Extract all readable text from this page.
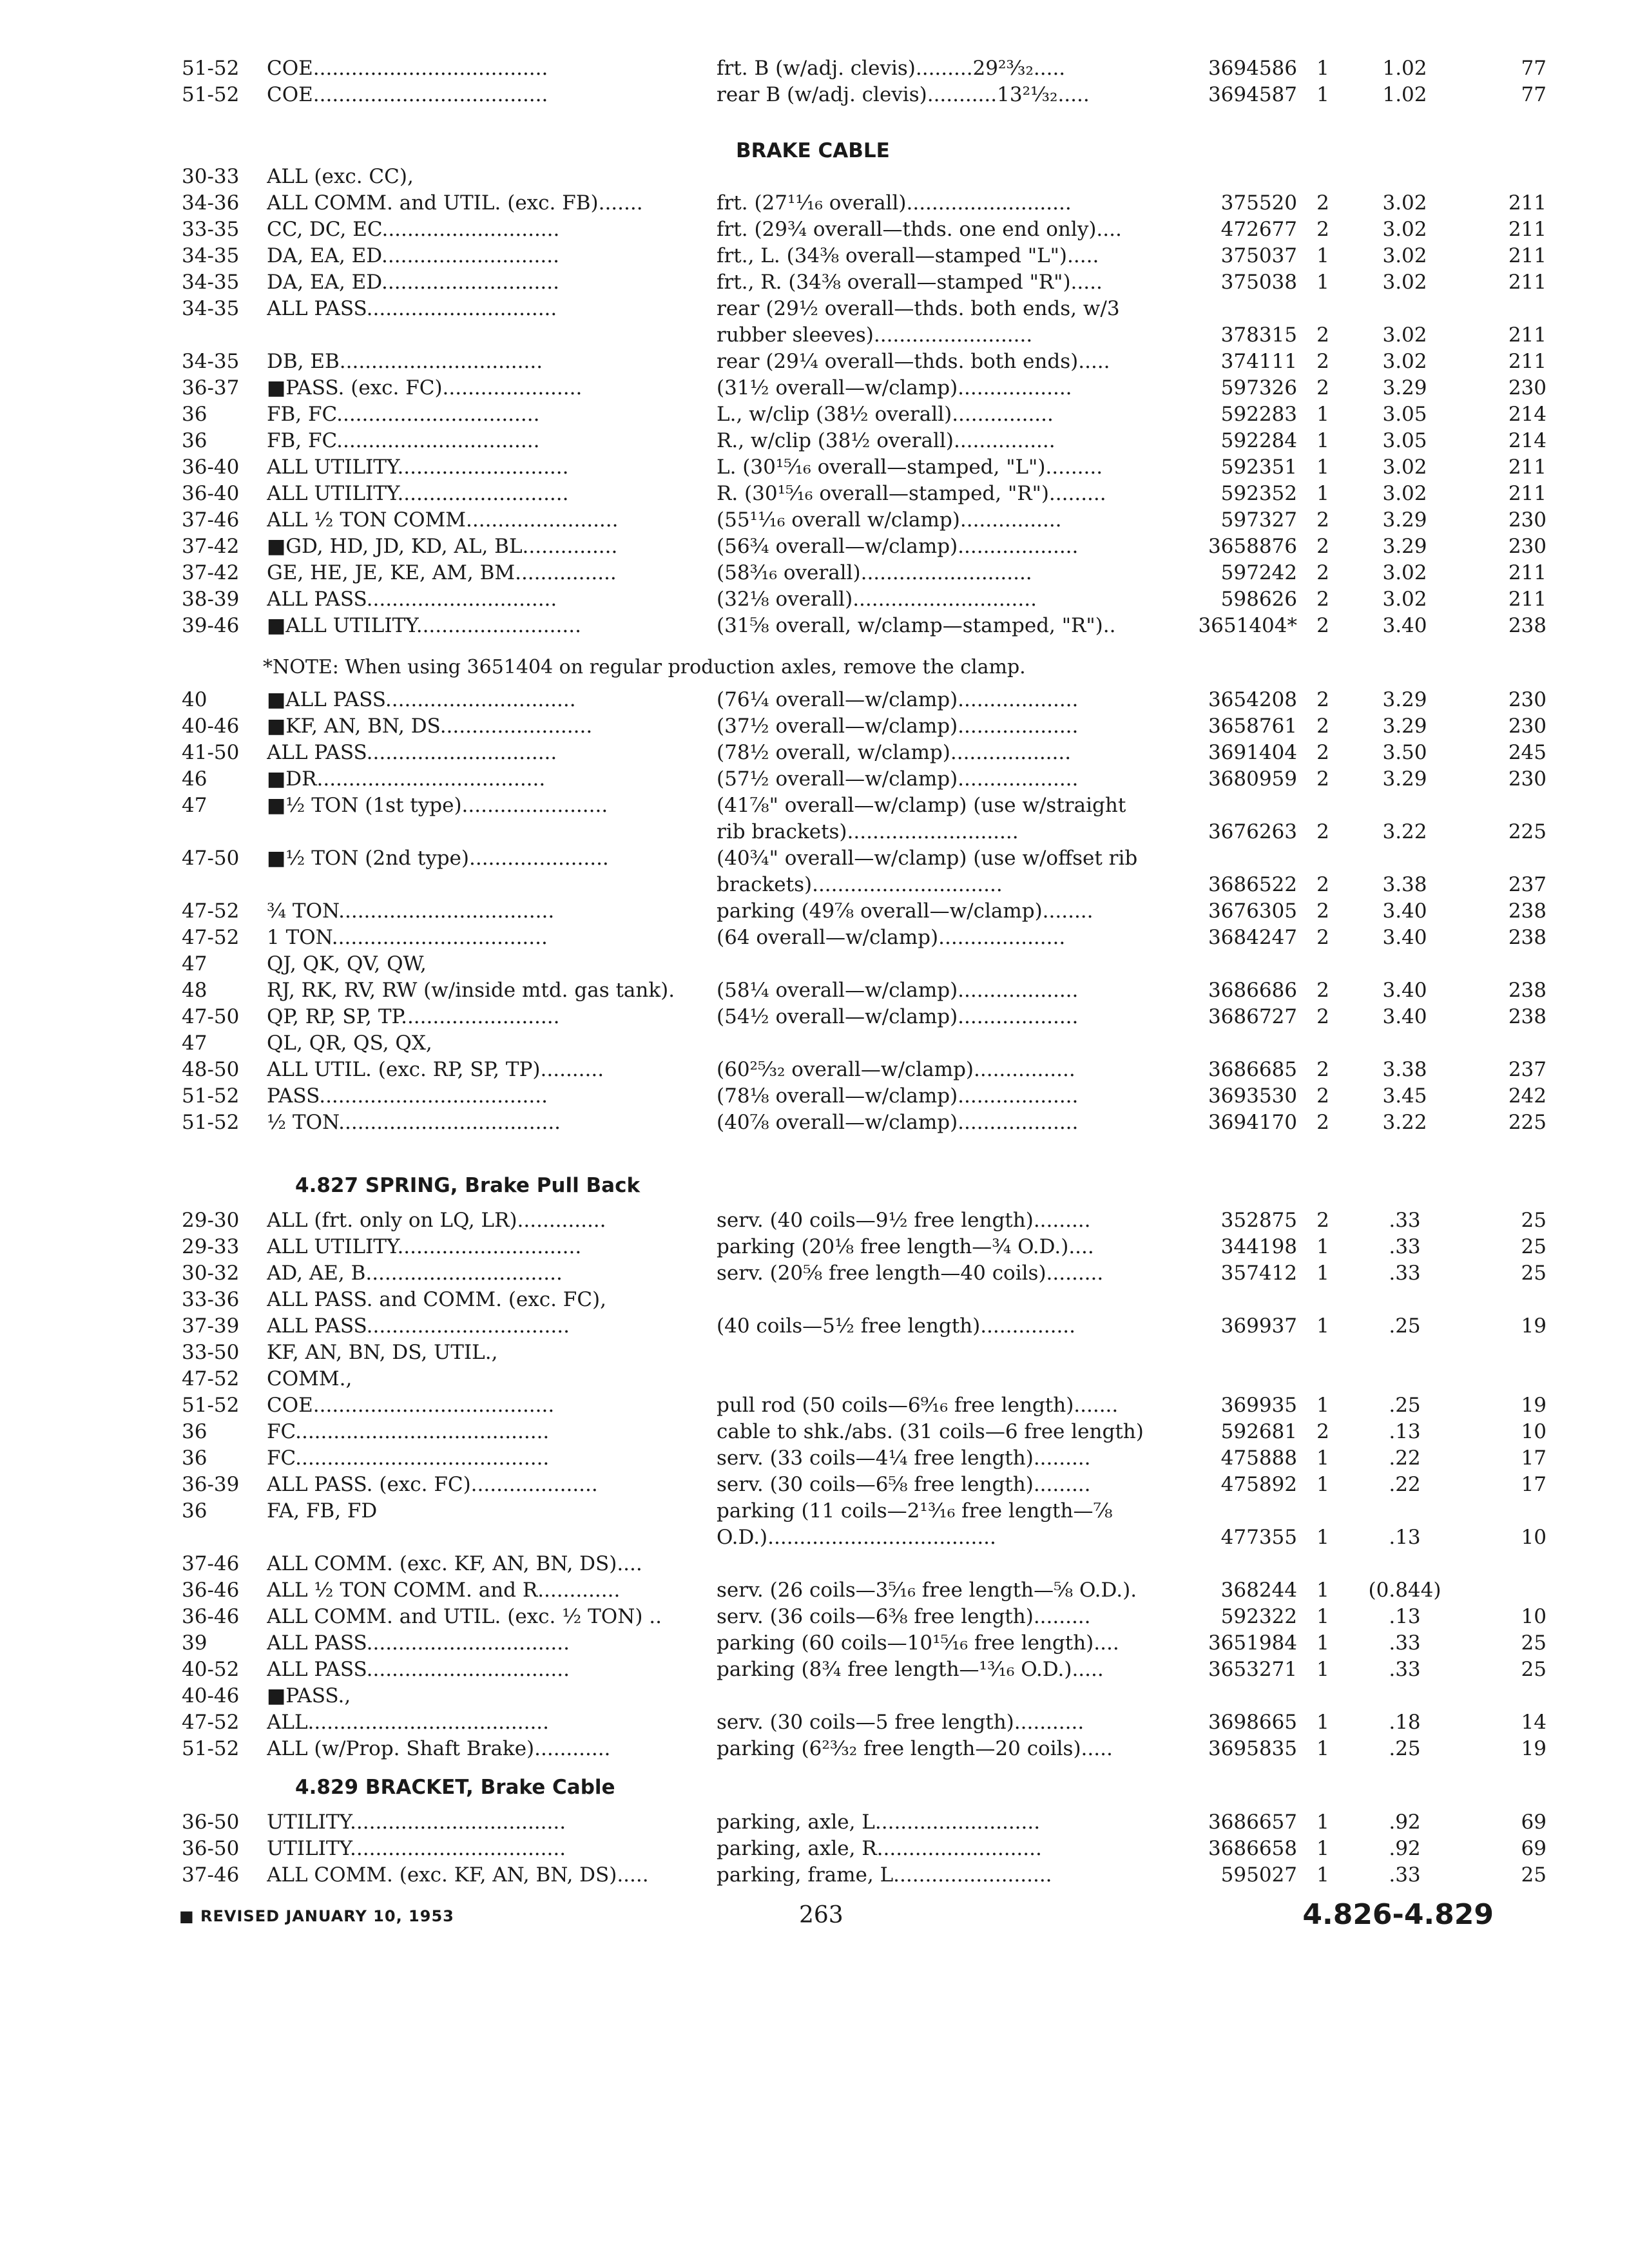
51-52	COE.....................................	frt. B (w/adj. clevis).........29²³⁄₃₂.....	3694586 1	1.02	77
51-52	COE.....................................	rear B (w/adj. clevis)...........13²¹⁄₃₂.....	3694587 1	1.02	77
BRAKE CABLE
30-33	ALL (exc. CC),
34-36	ALL COMM. and UTIL. (exc. FB).......	frt. (27¹¹⁄₁₆ overall)..........................	375520 2	3.02	211
33-35	CC, DC, EC............................	frt. (29¾ overall—thds. one end only)....	472677 2	3.02	211
34-35	DA, EA, ED............................	frt., L. (34⅜ overall—stamped "L").....	375037 1	3.02	211
34-35	DA, EA, ED............................	frt., R. (34⅜ overall—stamped "R").....	375038 1	3.02	211
34-35	ALL PASS..............................	rear (29½ overall—thds. both ends, w/3
rubber sleeves).........................	378315 2	3.02	211
34-35	DB, EB................................	rear (29¼ overall—thds. both ends).....	374111 2	3.02	211
36-37	■PASS. (exc. FC)......................	(31½ overall—w/clamp)..................	597326 2	3.29	230
36	FB, FC................................	L., w/clip (38½ overall)................	592283 1	3.05	214
36	FB, FC................................	R., w/clip (38½ overall)................	592284 1	3.05	214
36-40	ALL UTILITY...........................	L. (30¹⁵⁄₁₆ overall—stamped, "L").........	592351 1	3.02	211
36-40	ALL UTILITY...........................	R. (30¹⁵⁄₁₆ overall—stamped, "R").........	592352 1	3.02	211
37-46	ALL ½ TON COMM........................	(55¹¹⁄₁₆ overall w/clamp)................	597327 2	3.29	230
37-42	■GD, HD, JD, KD, AL, BL...............	(56¾ overall—w/clamp)...................	3658876 2	3.29	230
37-42	GE, HE, JE, KE, AM, BM................	(58³⁄₁₆ overall)...........................	597242 2	3.02	211
38-39	ALL PASS..............................	(32⅛ overall).............................	598626 2	3.02	211
39-46	■ALL UTILITY..........................	(31⅝ overall, w/clamp—stamped, "R")..	3651404* 2	3.40	238
*NOTE: When using 3651404 on regular production axles, remove the clamp.
40	■ALL PASS..............................	(76¼ overall—w/clamp)...................	3654208 2	3.29	230
40-46	■KF, AN, BN, DS........................	(37½ overall—w/clamp)...................	3658761 2	3.29	230
41-50	ALL PASS..............................	(78½ overall, w/clamp)...................	3691404 2	3.50	245
46	■DR....................................	(57½ overall—w/clamp)...................	3680959 2	3.29	230
47	■½ TON (1st type).......................	(41⅞" overall—w/clamp) (use w/straight
rib brackets)...........................	3676263 2	3.22	225
47-50	■½ TON (2nd type)......................	(40¾" overall—w/clamp) (use w/offset rib
brackets)..............................	3686522 2	3.38	237
47-52	¾ TON..................................	parking (49⅞ overall—w/clamp)........	3676305 2	3.40	238
47-52	1 TON..................................	(64 overall—w/clamp)....................	3684247 2	3.40	238
47	QJ, QK, QV, QW,
48	RJ, RK, RV, RW (w/inside mtd. gas tank). (58¼ overall—w/clamp)...................	3686686 2	3.40	238
47-50	QP, RP, SP, TP.........................	(54½ overall—w/clamp)...................	3686727 2	3.40	238
47	QL, QR, QS, QX,
48-50	ALL UTIL. (exc. RP, SP, TP)..........	(60²⁵⁄₃₂ overall—w/clamp)................	3686685 2	3.38	237
51-52	PASS....................................	(78⅛ overall—w/clamp)...................	3693530 2	3.45	242
51-52	½ TON...................................	(40⅞ overall—w/clamp)...................	3694170 2	3.22	225
4.827 SPRING, Brake Pull Back
29-30	ALL (frt. only on LQ, LR)..............	serv. (40 coils—9½ free length).........	352875 2	.33	25
29-33	ALL UTILITY.............................	parking (20⅛ free length—¾ O.D.)....	344198 1	.33	25
30-32	AD, AE, B...............................	serv. (20⅝ free length—40 coils).........	357412 1	.33	25
33-36	ALL PASS. and COMM. (exc. FC),
37-39	ALL PASS................................	(40 coils—5½ free length)...............	369937 1	.25	19
33-50	KF, AN, BN, DS, UTIL.,
47-52	COMM.,
51-52	COE......................................	pull rod (50 coils—6⁹⁄₁₆ free length).......	369935 1	.25	19
36	FC........................................	cable to shk./abs. (31 coils—6 free length)	592681 2	.13	10
36	FC........................................	serv. (33 coils—4¼ free length).........	475888 1	.22	17
36-39	ALL PASS. (exc. FC)....................	serv. (30 coils—6⅝ free length).........	475892 1	.22	17
36	FA, FB, FD	parking (11 coils—2¹³⁄₁₆ free length—⅞
O.D.)....................................	477355 1	.13	10
37-46	ALL COMM. (exc. KF, AN, BN, DS)....
36-46	ALL ½ TON COMM. and R.............	serv. (26 coils—3⁵⁄₁₆ free length—⅝ O.D.).	368244 1	(0.844)
36-46	ALL COMM. and UTIL. (exc. ½ TON) ..	serv. (36 coils—6⅜ free length).........	592322 1	.13	10
39	ALL PASS................................	parking (60 coils—10¹⁵⁄₁₆ free length)....	3651984 1	.33	25
40-52	ALL PASS................................	parking (8¾ free length—¹³⁄₁₆ O.D.).....	3653271 1	.33	25
40-46	■PASS.,
47-52	ALL......................................	serv. (30 coils—5 free length)...........	3698665 1	.18	14
51-52	ALL (w/Prop. Shaft Brake)............	parking (6²³⁄₃₂ free length—20 coils).....	3695835 1	.25	19
4.829 BRACKET, Brake Cable
36-50	UTILITY..................................	parking, axle, L..........................	3686657 1	.92	69
36-50	UTILITY..................................	parking, axle, R..........................	3686658 1	.92	69
37-46	ALL COMM. (exc. KF, AN, BN, DS).....	parking, frame, L.........................	595027 1	.33	25
■ REVISED JANUARY 10, 1953	263	4.826-4.829
